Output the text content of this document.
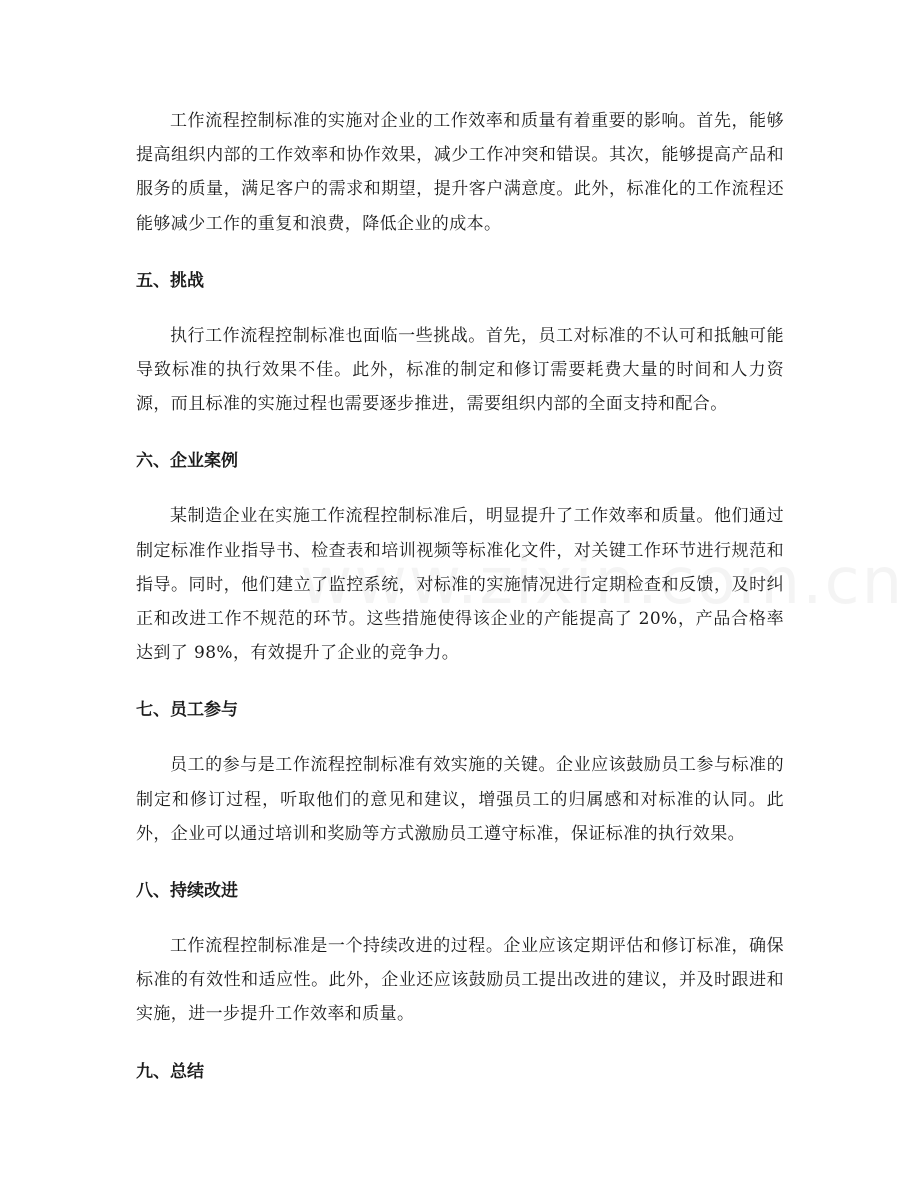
工作流程控制标准的实施对企业的工作效率和质量有着重要的影响。首先，能够提高组织内部的工作效率和协作效果，减少工作冲突和错误。其次，能够提高产品和服务的质量，满足客户的需求和期望，提升客户满意度。此外，标准化的工作流程还能够减少工作的重复和浪费，降低企业的成本。

五、挑战

执行工作流程控制标准也面临一些挑战。首先，员工对标准的不认可和抵触可能导致标准的执行效果不佳。此外，标准的制定和修订需要耗费大量的时间和人力资源，而且标准的实施过程也需要逐步推进，需要组织内部的全面支持和配合。

六、企业案例

某制造企业在实施工作流程控制标准后，明显提升了工作效率和质量。他们通过制定标准作业指导书、检查表和培训视频等标准化文件，对关键工作环节进行规范和指导。同时，他们建立了监控系统，对标准的实施情况进行定期检查和反馈，及时纠正和改进工作不规范的环节。这些措施使得该企业的产能提高了 20%，产品合格率达到了 98%，有效提升了企业的竞争力。

七、员工参与

员工的参与是工作流程控制标准有效实施的关键。企业应该鼓励员工参与标准的制定和修订过程，听取他们的意见和建议，增强员工的归属感和对标准的认同。此外，企业可以通过培训和奖励等方式激励员工遵守标准，保证标准的执行效果。

八、持续改进

工作流程控制标准是一个持续改进的过程。企业应该定期评估和修订标准，确保标准的有效性和适应性。此外，企业还应该鼓励员工提出改进的建议，并及时跟进和实施，进一步提升工作效率和质量。

九、总结
